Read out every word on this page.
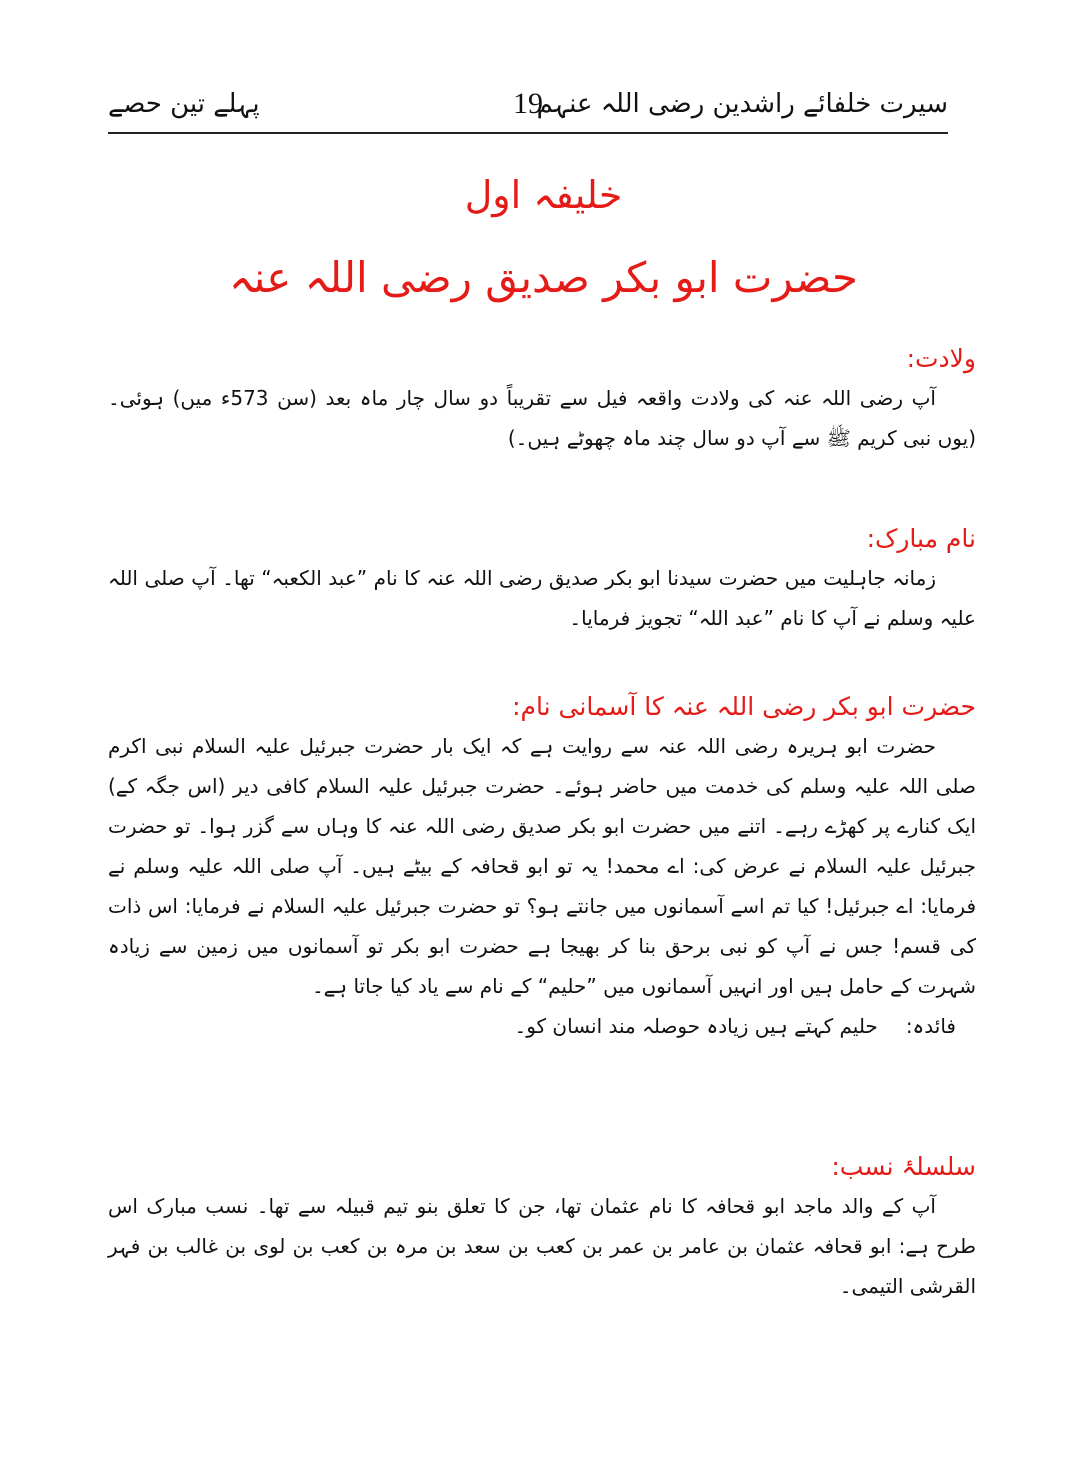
سیرت خلفائے راشدین رضی اللہ عنہم
19
پہلے تین حصے
خلیفہ اول
حضرت ابو بکر صدیق رضی اللہ عنہ
ولادت:

آپ رضی اللہ عنہ کی ولادت واقعہ فیل سے تقریباً دو سال چار ماہ بعد (سن 573ء میں) ہوئی۔ (یوں نبی کریم ﷺ سے آپ دو سال چند ماہ چھوٹے ہیں۔)

نام مبارک:

زمانہ جاہلیت میں حضرت سیدنا ابو بکر صدیق رضی اللہ عنہ کا نام ”عبد الکعبہ“ تھا۔ آپ صلی اللہ علیہ وسلم نے آپ کا نام ”عبد اللہ“ تجویز فرمایا۔

حضرت ابو بکر رضی اللہ عنہ کا آسمانی نام:

حضرت ابو ہریرہ رضی اللہ عنہ سے روایت ہے کہ ایک بار حضرت جبرئیل علیہ السلام نبی اکرم صلی اللہ علیہ وسلم کی خدمت میں حاضر ہوئے۔ حضرت جبرئیل علیہ السلام کافی دیر (اس جگہ کے) ایک کنارے پر کھڑے رہے۔ اتنے میں حضرت ابو بکر صدیق رضی اللہ عنہ کا وہاں سے گزر ہوا۔ تو حضرت جبرئیل علیہ السلام نے عرض کی: اے محمد! یہ تو ابو قحافہ کے بیٹے ہیں۔ آپ صلی اللہ علیہ وسلم نے فرمایا: اے جبرئیل! کیا تم اسے آسمانوں میں جانتے ہو؟ تو حضرت جبرئیل علیہ السلام نے فرمایا: اس ذات کی قسم! جس نے آپ کو نبی برحق بنا کر بھیجا ہے حضرت ابو بکر تو آسمانوں میں زمین سے زیادہ شہرت کے حامل ہیں اور انہیں آسمانوں میں ”حلیم“ کے نام سے یاد کیا جاتا ہے۔

فائدہ:حلیم کہتے ہیں زیادہ حوصلہ مند انسان کو۔
سلسلۂ نسب:

آپ کے والد ماجد ابو قحافہ کا نام عثمان تھا، جن کا تعلق بنو تیم قبیلہ سے تھا۔ نسب مبارک اس طرح ہے: ابو قحافہ عثمان بن عامر بن عمر بن کعب بن سعد بن مرہ بن کعب بن لوی بن غالب بن فہر القرشی التیمی۔
